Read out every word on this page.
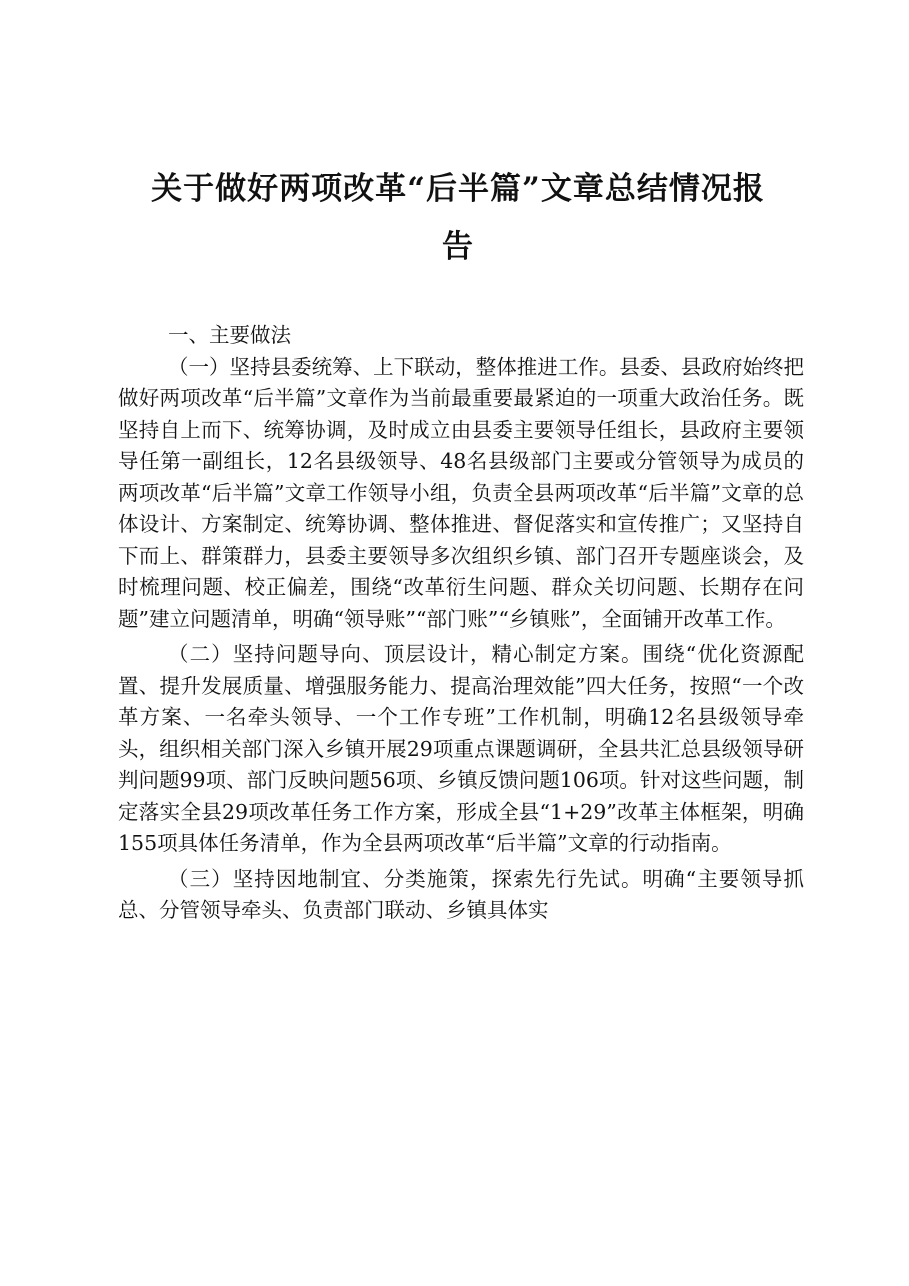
关于做好两项改革“后半篇”文章总结情况报
告

一、主要做法

（一）坚持县委统筹、上下联动，整体推进工作。县委、县政府始终把做好两项改革“后半篇”文章作为当前最重要最紧迫的一项重大政治任务。既坚持自上而下、统筹协调，及时成立由县委主要领导任组长，县政府主要领导任第一副组长，12名县级领导、48名县级部门主要或分管领导为成员的两项改革“后半篇”文章工作领导小组，负责全县两项改革“后半篇”文章的总体设计、方案制定、统筹协调、整体推进、督促落实和宣传推广；又坚持自下而上、群策群力，县委主要领导多次组织乡镇、部门召开专题座谈会，及时梳理问题、校正偏差，围绕“改革衍生问题、群众关切问题、长期存在问题”建立问题清单，明确“领导账”“部门账”“乡镇账”，全面铺开改革工作。

（二）坚持问题导向、顶层设计，精心制定方案。围绕“优化资源配置、提升发展质量、增强服务能力、提高治理效能”四大任务，按照“一个改革方案、一名牵头领导、一个工作专班”工作机制，明确12名县级领导牵头，组织相关部门深入乡镇开展29项重点课题调研，全县共汇总县级领导研判问题99项、部门反映问题56项、乡镇反馈问题106项。针对这些问题，制定落实全县29项改革任务工作方案，形成全县“1+29”改革主体框架，明确155项具体任务清单，作为全县两项改革“后半篇”文章的行动指南。

（三）坚持因地制宜、分类施策，探索先行先试。明确“主要领导抓总、分管领导牵头、负责部门联动、乡镇具体实
